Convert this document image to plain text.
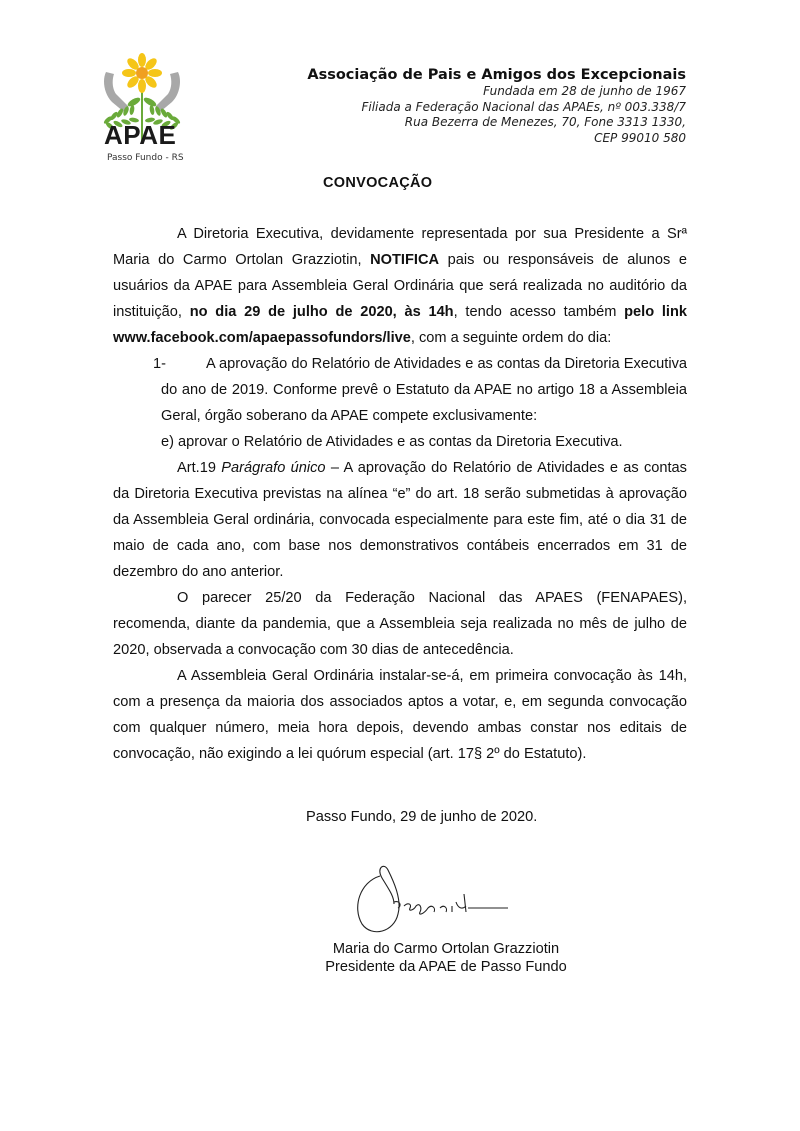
APAE
Passo Fundo - RS
Associação de Pais e Amigos dos Excepcionais
Fundada em 28 de junho de 1967
Filiada a Federação Nacional das APAEs, nº 003.338/7
Rua Bezerra de Menezes, 70, Fone 3313 1330,
CEP 99010 580
CONVOCAÇÃO

A Diretoria Executiva, devidamente representada por sua Presidente a Srª Maria do Carmo Ortolan Grazziotin, NOTIFICA pais ou responsáveis de alunos e usuários da APAE para Assembleia Geral Ordinária que será realizada no auditório da instituição, no dia 29 de julho de 2020, às 14h, tendo acesso também pelo link www.facebook.com/apaepassofundors/live, com a seguinte ordem do dia:

1-	A aprovação do Relatório de Atividades e as contas da Diretoria Executiva do ano de 2019. Conforme prevê o Estatuto da APAE no artigo 18 a Assembleia Geral, órgão soberano da APAE compete exclusivamente:

e) aprovar o Relatório de Atividades e as contas da Diretoria Executiva.

Art.19 Parágrafo único – A aprovação do Relatório de Atividades e as contas da Diretoria Executiva previstas na alínea “e” do art. 18 serão submetidas à aprovação da Assembleia Geral ordinária, convocada especialmente para este fim, até o dia 31 de maio de cada ano, com base nos demonstrativos contábeis encerrados em 31 de dezembro do ano anterior.

O parecer 25/20 da Federação Nacional das APAES (FENAPAES), recomenda, diante da pandemia, que a Assembleia seja realizada no mês de julho de 2020, observada a convocação com 30 dias de antecedência.

A Assembleia Geral Ordinária instalar-se-á, em primeira convocação às 14h, com a presença da maioria dos associados aptos a votar, e, em segunda convocação com qualquer número, meia hora depois, devendo ambas constar nos editais de convocação, não exigindo a lei quórum especial (art. 17§ 2º do Estatuto).

Passo Fundo, 29 de junho de 2020.
Maria do Carmo Ortolan Grazziotin
Presidente da APAE de Passo Fundo
